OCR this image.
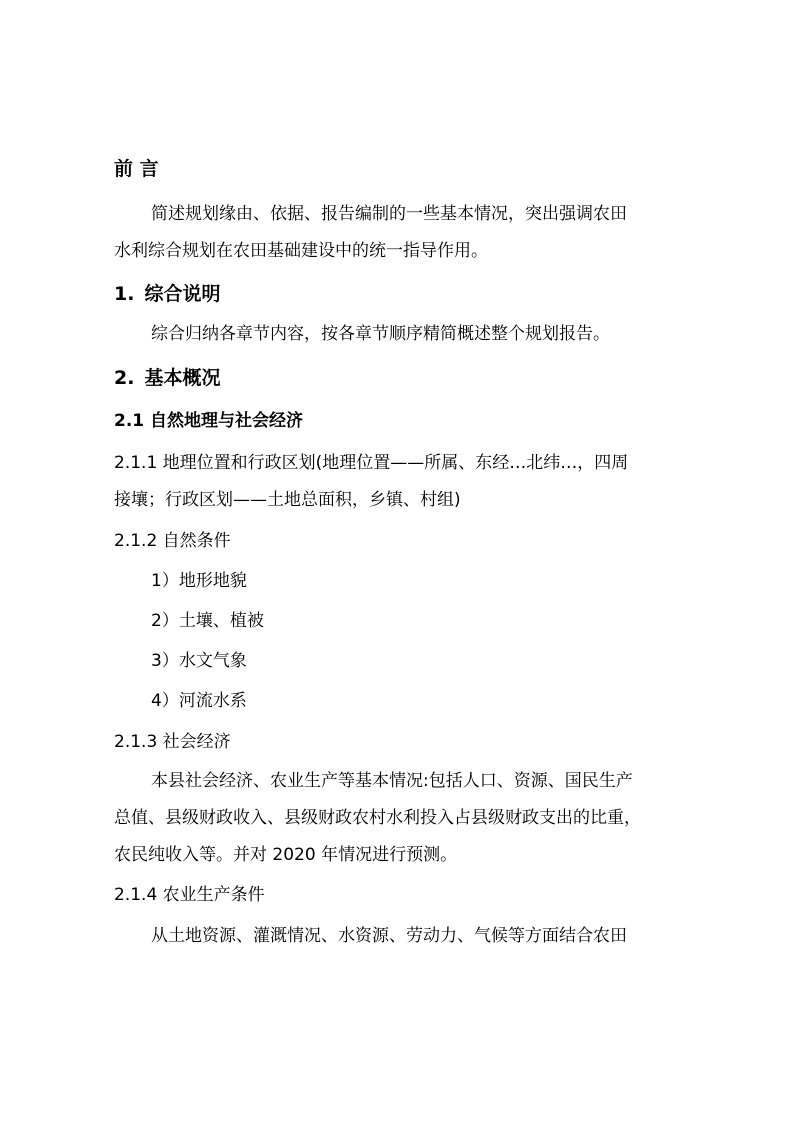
前 言
简述规划缘由、依据、报告编制的一些基本情况，突出强调农田
水利综合规划在农田基础建设中的统一指导作用。
1. 综合说明
综合归纳各章节内容，按各章节顺序精简概述整个规划报告。
2. 基本概况
2.1 自然地理与社会经济
2.1.1 地理位置和行政区划(地理位置——所属、东经…北纬…，四周
接壤；行政区划——土地总面积，乡镇、村组)
2.1.2 自然条件
1）地形地貌
2）土壤、植被
3）水文气象
4）河流水系
2.1.3 社会经济
本县社会经济、农业生产等基本情况:包括人口、资源、国民生产
总值、县级财政收入、县级财政农村水利投入占县级财政支出的比重，
农民纯收入等。并对 2020 年情况进行预测。
2.1.4 农业生产条件
从土地资源、灌溉情况、水资源、劳动力、气候等方面结合农田
